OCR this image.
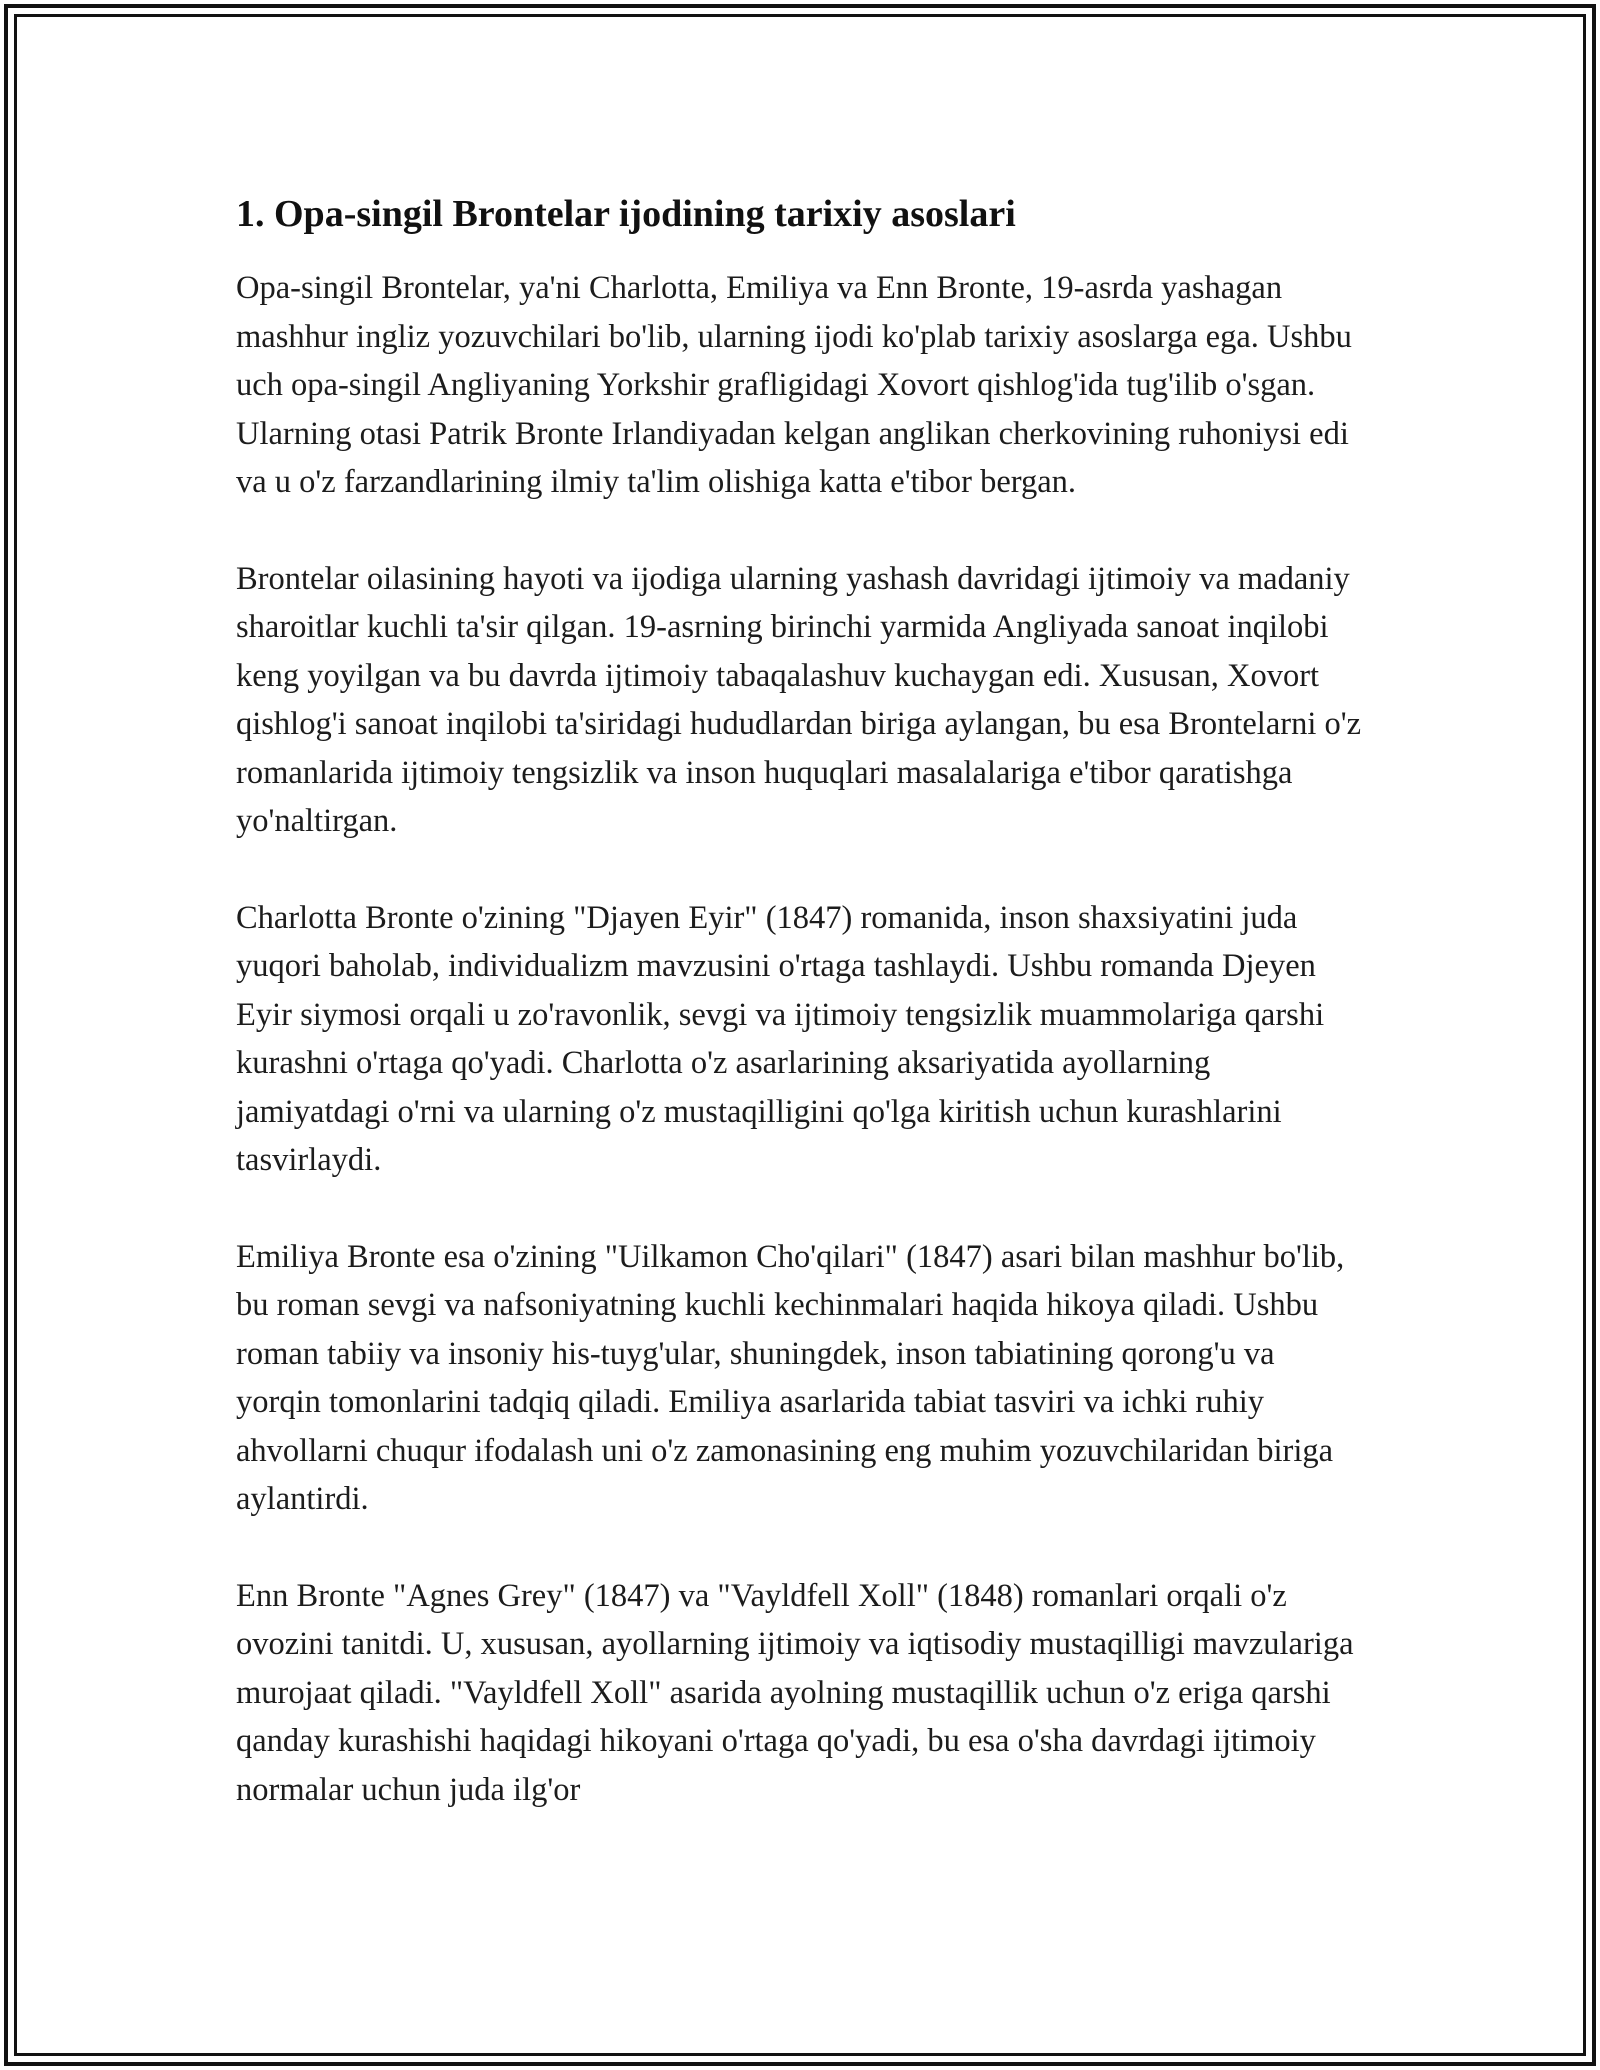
1. Opa-singil Brontelar ijodining tarixiy asoslari

Opa-singil Brontelar, ya'ni Charlotta, Emiliya va Enn Bronte, 19-asrda yashagan mashhur ingliz yozuvchilari bo'lib, ularning ijodi ko'plab tarixiy asoslarga ega. Ushbu uch opa-singil Angliyaning Yorkshir grafligidagi Xovort qishlog'ida tug'ilib o'sgan. Ularning otasi Patrik Bronte Irlandiyadan kelgan anglikan cherkovining ruhoniysi edi va u o'z farzandlarining ilmiy ta'lim olishiga katta e'tibor bergan.

Brontelar oilasining hayoti va ijodiga ularning yashash davridagi ijtimoiy va madaniy sharoitlar kuchli ta'sir qilgan. 19-asrning birinchi yarmida Angliyada sanoat inqilobi keng yoyilgan va bu davrda ijtimoiy tabaqalashuv kuchaygan edi. Xususan, Xovort qishlog'i sanoat inqilobi ta'siridagi hududlardan biriga aylangan, bu esa Brontelarni o'z romanlarida ijtimoiy tengsizlik va inson huquqlari masalalariga e'tibor qaratishga yo'naltirgan.

Charlotta Bronte o'zining "Djayen Eyir" (1847) romanida, inson shaxsiyatini juda yuqori baholab, individualizm mavzusini o'rtaga tashlaydi. Ushbu romanda Djeyen Eyir siymosi orqali u zo'ravonlik, sevgi va ijtimoiy tengsizlik muammolariga qarshi kurashni o'rtaga qo'yadi. Charlotta o'z asarlarining aksariyatida ayollarning jamiyatdagi o'rni va ularning o'z mustaqilligini qo'lga kiritish uchun kurashlarini tasvirlaydi.

Emiliya Bronte esa o'zining "Uilkamon Cho'qilari" (1847) asari bilan mashhur bo'lib, bu roman sevgi va nafsoniyatning kuchli kechinmalari haqida hikoya qiladi. Ushbu roman tabiiy va insoniy his-tuyg'ular, shuningdek, inson tabiatining qorong'u va yorqin tomonlarini tadqiq qiladi. Emiliya asarlarida tabiat tasviri va ichki ruhiy ahvollarni chuqur ifodalash uni o'z zamonasining eng muhim yozuvchilaridan biriga aylantirdi.

Enn Bronte "Agnes Grey" (1847) va "Vayldfell Xoll" (1848) romanlari orqali o'z ovozini tanitdi. U, xususan, ayollarning ijtimoiy va iqtisodiy mustaqilligi mavzulariga murojaat qiladi. "Vayldfell Xoll" asarida ayolning mustaqillik uchun o'z eriga qarshi qanday kurashishi haqidagi hikoyani o'rtaga qo'yadi, bu esa o'sha davrdagi ijtimoiy normalar uchun juda ilg'or
